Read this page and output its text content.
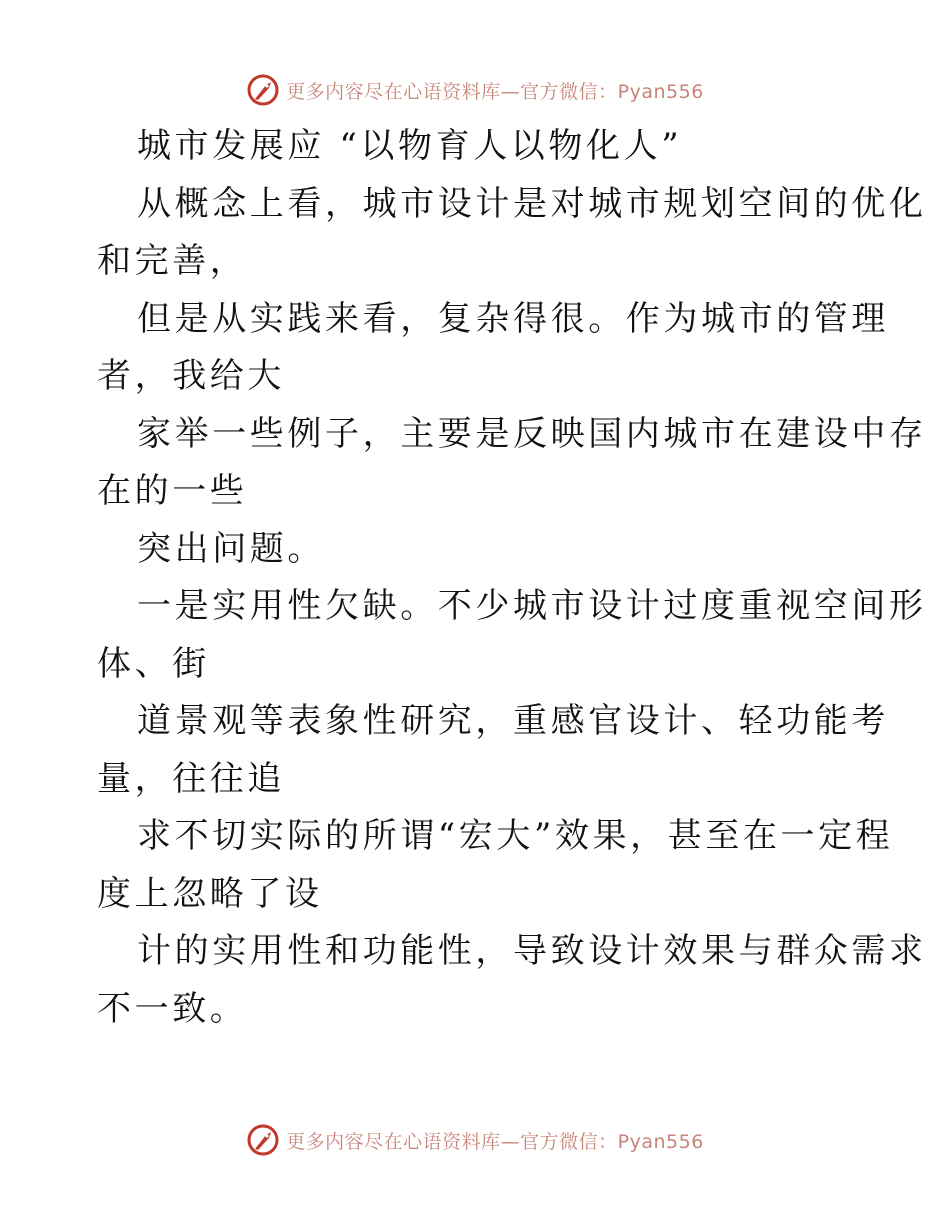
更多内容尽在心语资料库—官方微信：Pyan556
城市发展应 “以物育人以物化人”
从概念上看，城市设计是对城市规划空间的优化
和完善，
但是从实践来看，复杂得很。作为城市的管理
者，我给大
家举一些例子，主要是反映国内城市在建设中存
在的一些
突出问题。
一是实用性欠缺。不少城市设计过度重视空间形
体、街
道景观等表象性研究，重感官设计、轻功能考
量，往往追
求不切实际的所谓“宏大”效果，甚至在一定程
度上忽略了设
计的实用性和功能性，导致设计效果与群众需求
不一致。
更多内容尽在心语资料库—官方微信：Pyan556
